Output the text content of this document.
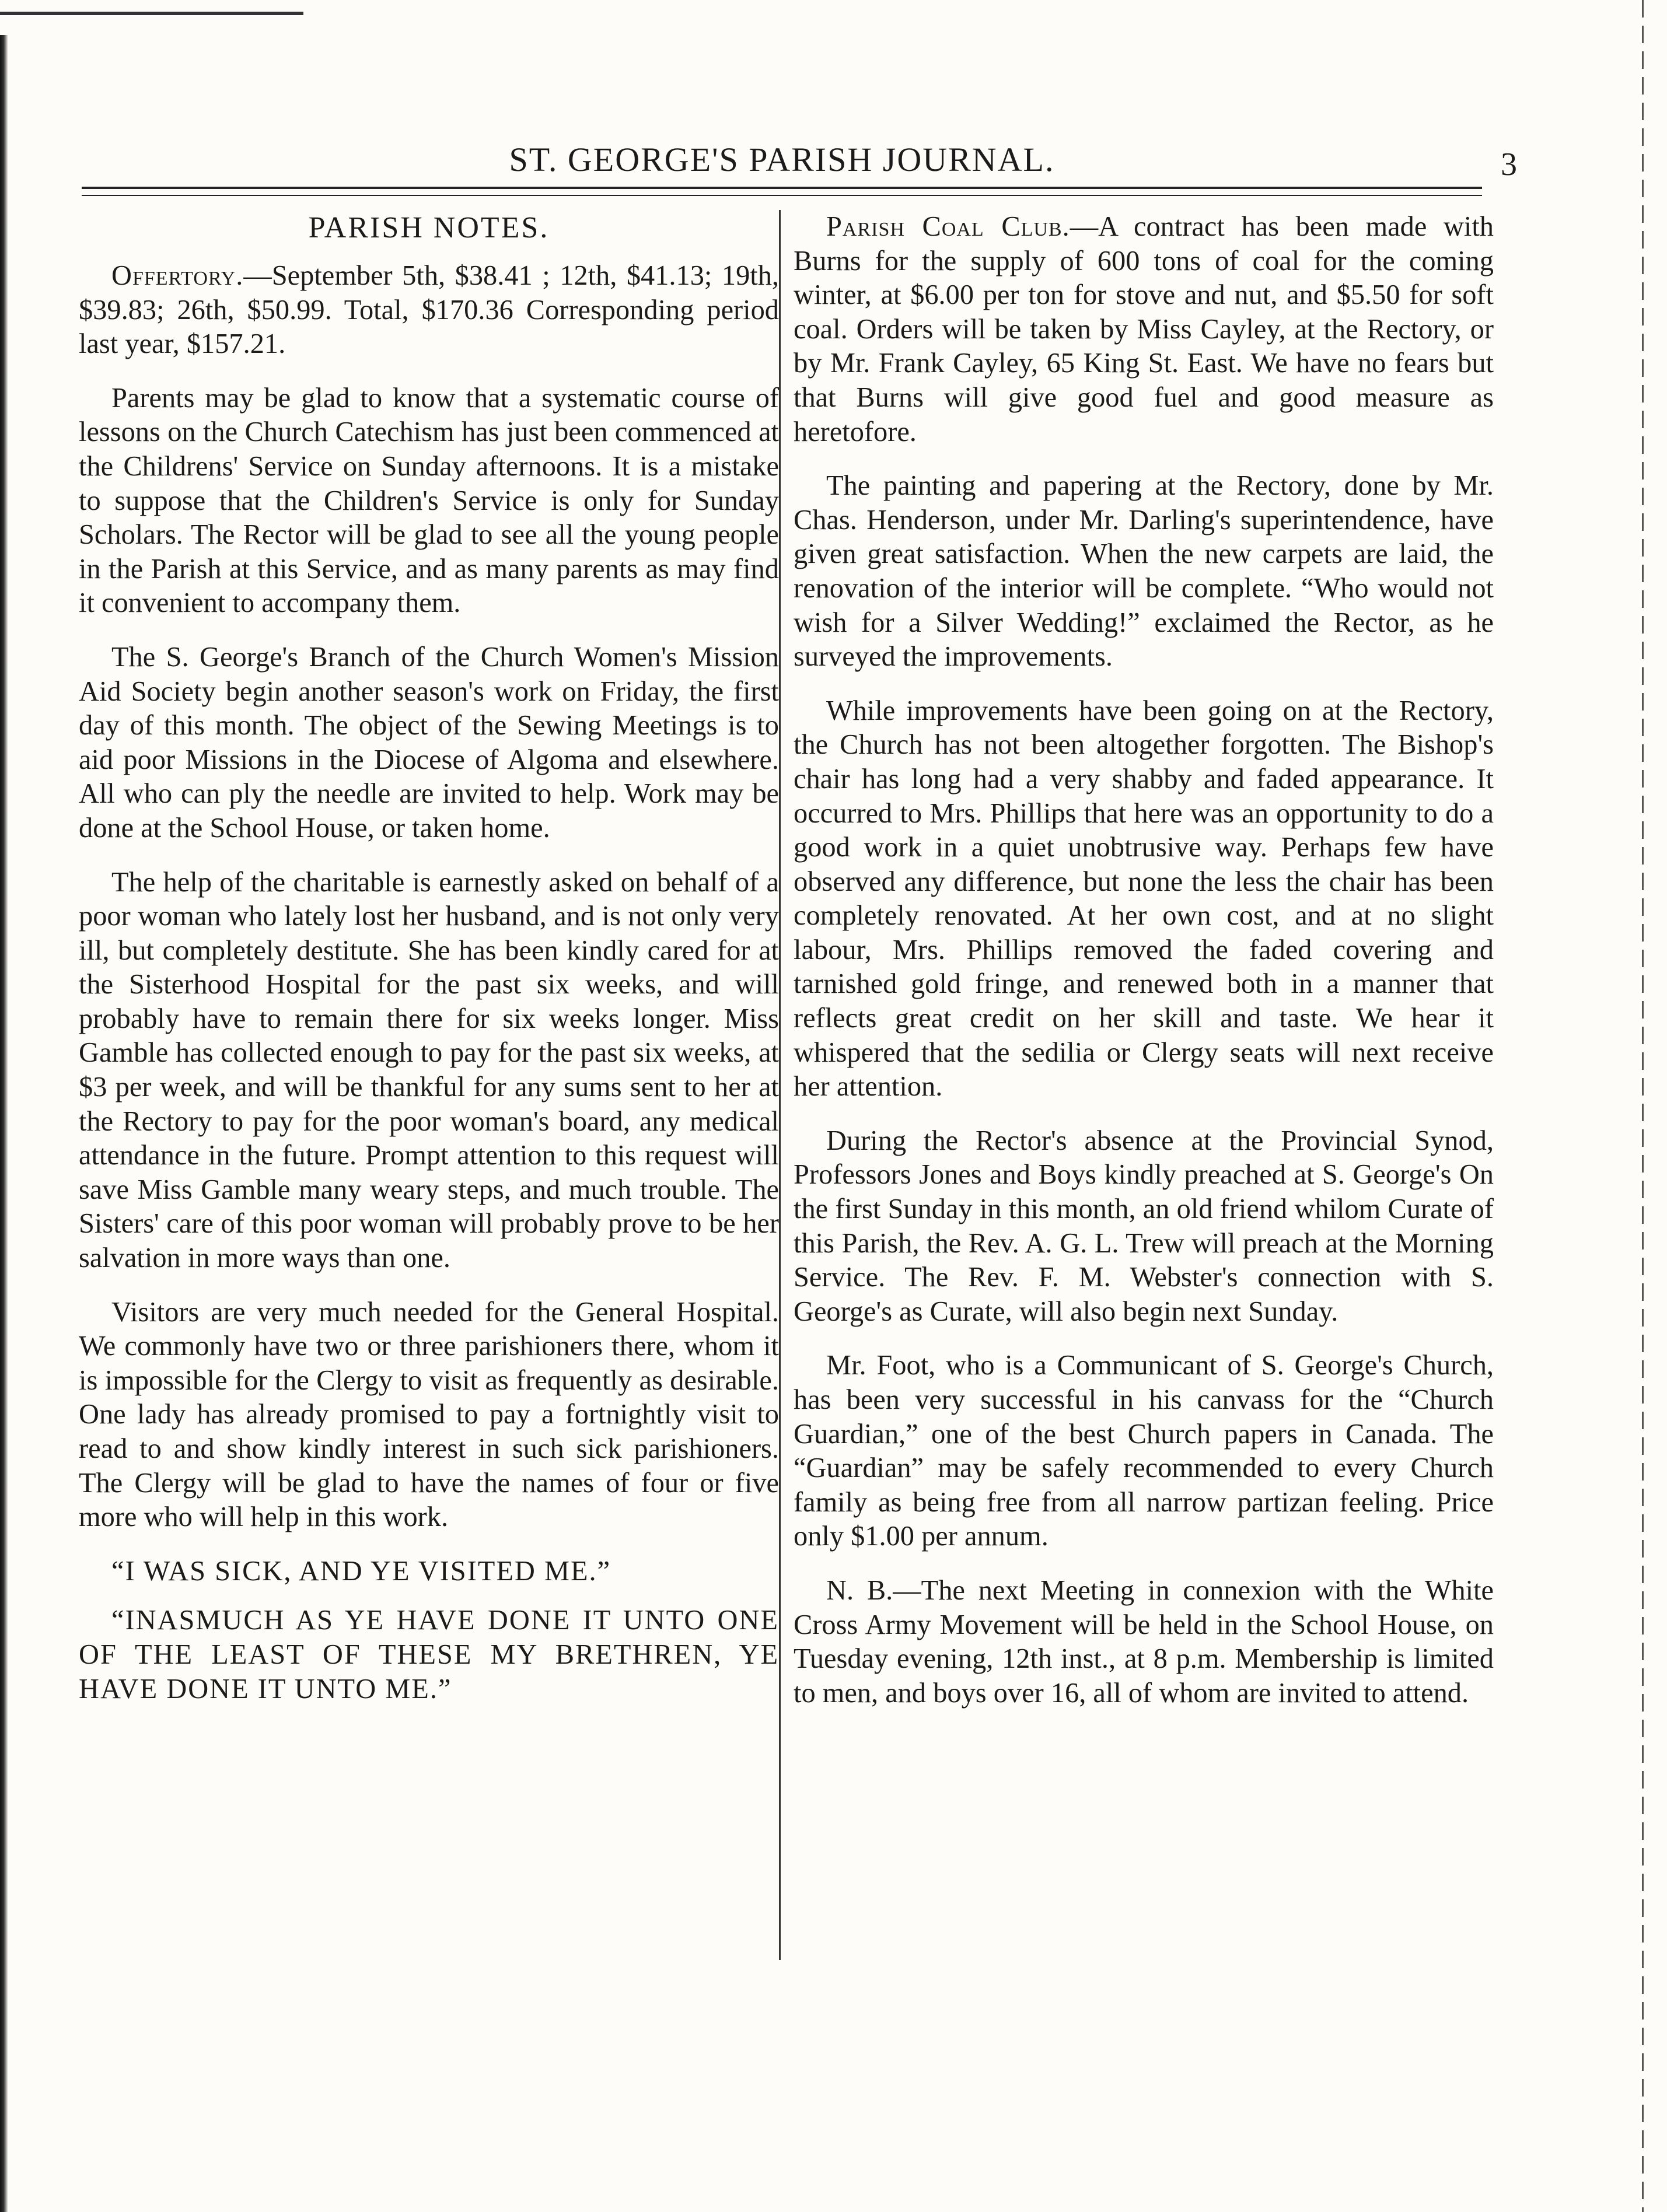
ST. GEORGE'S PARISH JOURNAL.	3
PARISH NOTES.

Offertory.—September 5th, $38.41 ; 12th, $41.13; 19th, $39.83; 26th, $50.99. Total, $170.36 Corresponding period last year, $157.21.

Parents may be glad to know that a systematic course of lessons on the Church Catechism has just been commenced at the Childrens' Service on Sunday afternoons. It is a mistake to suppose that the Children's Service is only for Sunday Scholars. The Rector will be glad to see all the young people in the Parish at this Service, and as many parents as may find it convenient to accompany them.

The S. George's Branch of the Church Women's Mission Aid Society begin another season's work on Friday, the first day of this month. The object of the Sewing Meetings is to aid poor Missions in the Diocese of Algoma and elsewhere. All who can ply the needle are invited to help. Work may be done at the School House, or taken home.

The help of the charitable is earnestly asked on behalf of a poor woman who lately lost her husband, and is not only very ill, but completely destitute. She has been kindly cared for at the Sisterhood Hospital for the past six weeks, and will probably have to remain there for six weeks longer. Miss Gamble has collected enough to pay for the past six weeks, at $3 per week, and will be thankful for any sums sent to her at the Rectory to pay for the poor woman's board, any medical attendance in the future. Prompt attention to this request will save Miss Gamble many weary steps, and much trouble. The Sisters' care of this poor woman will probably prove to be her salvation in more ways than one.

Visitors are very much needed for the General Hospital. We commonly have two or three parishioners there, whom it is impossible for the Clergy to visit as frequently as desirable. One lady has already promised to pay a fortnightly visit to read to and show kindly interest in such sick parishioners. The Clergy will be glad to have the names of four or five more who will help in this work.

“I WAS SICK, AND YE VISITED ME.”

“INASMUCH AS YE HAVE DONE IT UNTO ONE OF THE LEAST OF THESE MY BRETHREN, YE HAVE DONE IT UNTO ME.”

Parish Coal Club.—A contract has been made with Burns for the supply of 600 tons of coal for the coming winter, at $6.00 per ton for stove and nut, and $5.50 for soft coal. Orders will be taken by Miss Cayley, at the Rectory, or by Mr. Frank Cayley, 65 King St. East. We have no fears but that Burns will give good fuel and good measure as heretofore.

The painting and papering at the Rectory, done by Mr. Chas. Henderson, under Mr. Darling's superintendence, have given great satisfaction. When the new carpets are laid, the renovation of the interior will be complete. “Who would not wish for a Silver Wedding!” exclaimed the Rector, as he surveyed the improvements.

While improvements have been going on at the Rectory, the Church has not been altogether forgotten. The Bishop's chair has long had a very shabby and faded appearance. It occurred to Mrs. Phillips that here was an opportunity to do a good work in a quiet unobtrusive way. Perhaps few have observed any difference, but none the less the chair has been completely renovated. At her own cost, and at no slight labour, Mrs. Phillips removed the faded covering and tarnished gold fringe, and renewed both in a manner that reflects great credit on her skill and taste. We hear it whispered that the sedilia or Clergy seats will next receive her attention.

During the Rector's absence at the Provincial Synod, Professors Jones and Boys kindly preached at S. George's On the first Sunday in this month, an old friend whilom Curate of this Parish, the Rev. A. G. L. Trew will preach at the Morning Service. The Rev. F. M. Webster's connection with S. George's as Curate, will also begin next Sunday.

Mr. Foot, who is a Communicant of S. George's Church, has been very successful in his canvass for the “Church Guardian,” one of the best Church papers in Canada. The “Guardian” may be safely recommended to every Church family as being free from all narrow partizan feeling. Price only $1.00 per annum.

N. B.—The next Meeting in connexion with the White Cross Army Movement will be held in the School House, on Tuesday evening, 12th inst., at 8 p.m. Membership is limited to men, and boys over 16, all of whom are invited to attend.
